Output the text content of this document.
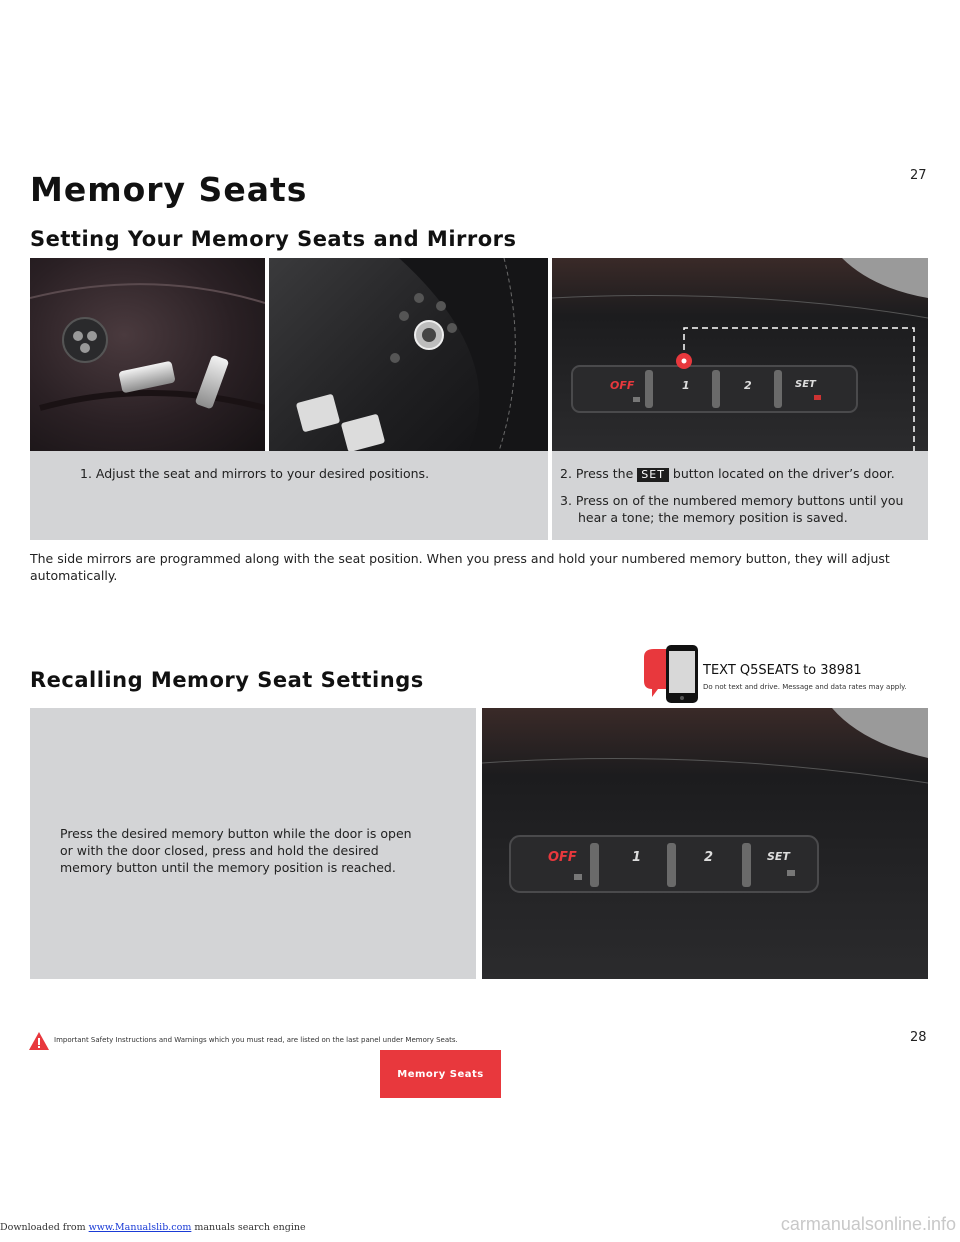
Memory Seats	27
Setting Your Memory Seats and Mirrors
OFF	1	2	SET
1. Adjust the seat and mirrors to your desired positions.	2. Press the SET button located on the driver’s door.
3. Press on of the numbered memory buttons until you
hear a tone; the memory position is saved.
The side mirrors are programmed along with the seat position. When you press and hold your numbered memory button, they will adjust automatically.
Recalling Memory Seat Settings	TEXT Q5SEATS to 38981
Do not text and drive. Message and data rates may apply.
Press the desired memory button while the door is open or with the door closed, press and hold the desired memory button until the memory position is reached.
OFF	1	2	SET
Important Safety Instructions and Warnings which you must read, are listed on the last panel under Memory Seats.	28
Memory Seats
Downloaded from www.Manualslib.com manuals search engine	carmanualsonline.info
